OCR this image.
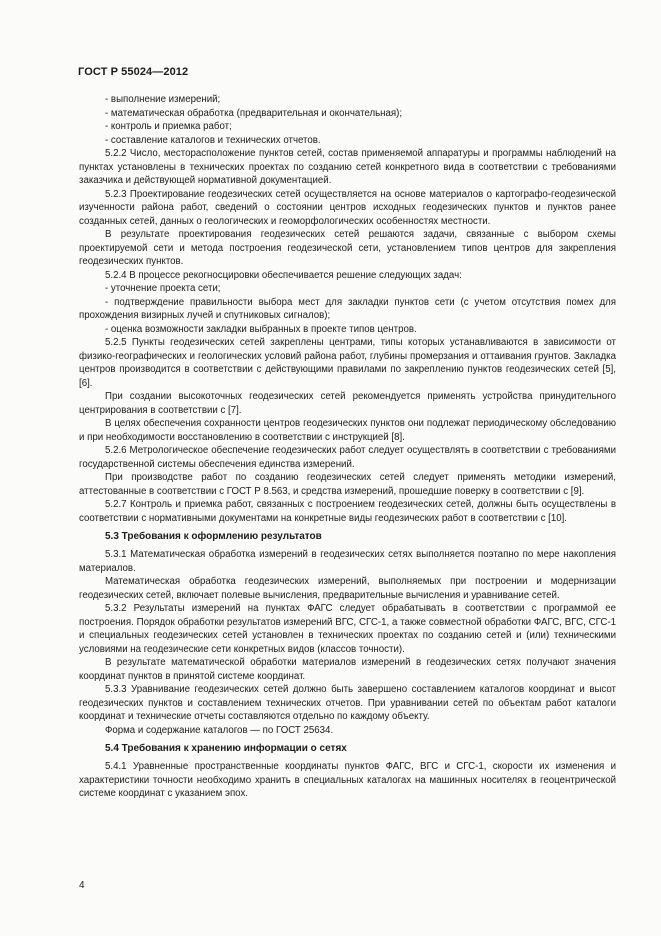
ГОСТ Р 55024—2012

- выполнение измерений;

- математическая обработка (предварительная и окончательная);

- контроль и приемка работ;

- составление каталогов и технических отчетов.

5.2.2 Число, месторасположение пунктов сетей, состав применяемой аппаратуры и программы наблюдений на пунктах установлены в технических проектах по созданию сетей конкретного вида в соответствии с требованиями заказчика и действующей нормативной документацией.

5.2.3 Проектирование геодезических сетей осуществляется на основе материалов о картографо-геодезической изученности района работ, сведений о состоянии центров исходных геодезических пунктов и пунктов ранее созданных сетей, данных о геологических и геоморфологических особенностях местности.

В результате проектирования геодезических сетей решаются задачи, связанные с выбором схемы проектируемой сети и метода построения геодезической сети, установлением типов центров для закрепления геодезических пунктов.

5.2.4 В процессе рекогносцировки обеспечивается решение следующих задач:

- уточнение проекта сети;

- подтверждение правильности выбора мест для закладки пунктов сети (с учетом отсутствия помех для прохождения визирных лучей и спутниковых сигналов);

- оценка возможности закладки выбранных в проекте типов центров.

5.2.5 Пункты геодезических сетей закреплены центрами, типы которых устанавливаются в зависимости от физико-географических и геологических условий района работ, глубины промерзания и оттаивания грунтов. Закладка центров производится в соответствии с действующими правилами по закреплению пунктов геодезических сетей [5], [6].

При создании высокоточных геодезических сетей рекомендуется применять устройства принудительного центрирования в соответствии с [7].

В целях обеспечения сохранности центров геодезических пунктов они подлежат периодическому обследованию и при необходимости восстановлению в соответствии с инструкцией [8].

5.2.6 Метрологическое обеспечение геодезических работ следует осуществлять в соответствии с требованиями государственной системы обеспечения единства измерений.

При производстве работ по созданию геодезических сетей следует применять методики измерений, аттестованные в соответствии с ГОСТ Р 8.563, и средства измерений, прошедшие поверку в соответствии с [9].

5.2.7 Контроль и приемка работ, связанных с построением геодезических сетей, должны быть осуществлены в соответствии с нормативными документами на конкретные виды геодезических работ в соответствии с [10].

5.3 Требования к оформлению результатов

5.3.1 Математическая обработка измерений в геодезических сетях выполняется поэтапно по мере накопления материалов.

Математическая обработка геодезических измерений, выполняемых при построении и модернизации геодезических сетей, включает полевые вычисления, предварительные вычисления и уравнивание сетей.

5.3.2 Результаты измерений на пунктах ФАГС следует обрабатывать в соответствии с программой ее построения. Порядок обработки результатов измерений ВГС, СГС-1, а также совместной обработки ФАГС, ВГС, СГС-1 и специальных геодезических сетей установлен в технических проектах по созданию сетей и (или) техническими условиями на геодезические сети конкретных видов (классов точности).

В результате математической обработки материалов измерений в геодезических сетях получают значения координат пунктов в принятой системе координат.

5.3.3 Уравнивание геодезических сетей должно быть завершено составлением каталогов координат и высот геодезических пунктов и составлением технических отчетов. При уравнивании сетей по объектам работ каталоги координат и технические отчеты составляются отдельно по каждому объекту.

Форма и содержание каталогов — по ГОСТ 25634.

5.4 Требования к хранению информации о сетях

5.4.1 Уравненные пространственные координаты пунктов ФАГС, ВГС и СГС-1, скорости их изменения и характеристики точности необходимо хранить в специальных каталогах на машинных носителях в геоцентрической системе координат с указанием эпох.

4
